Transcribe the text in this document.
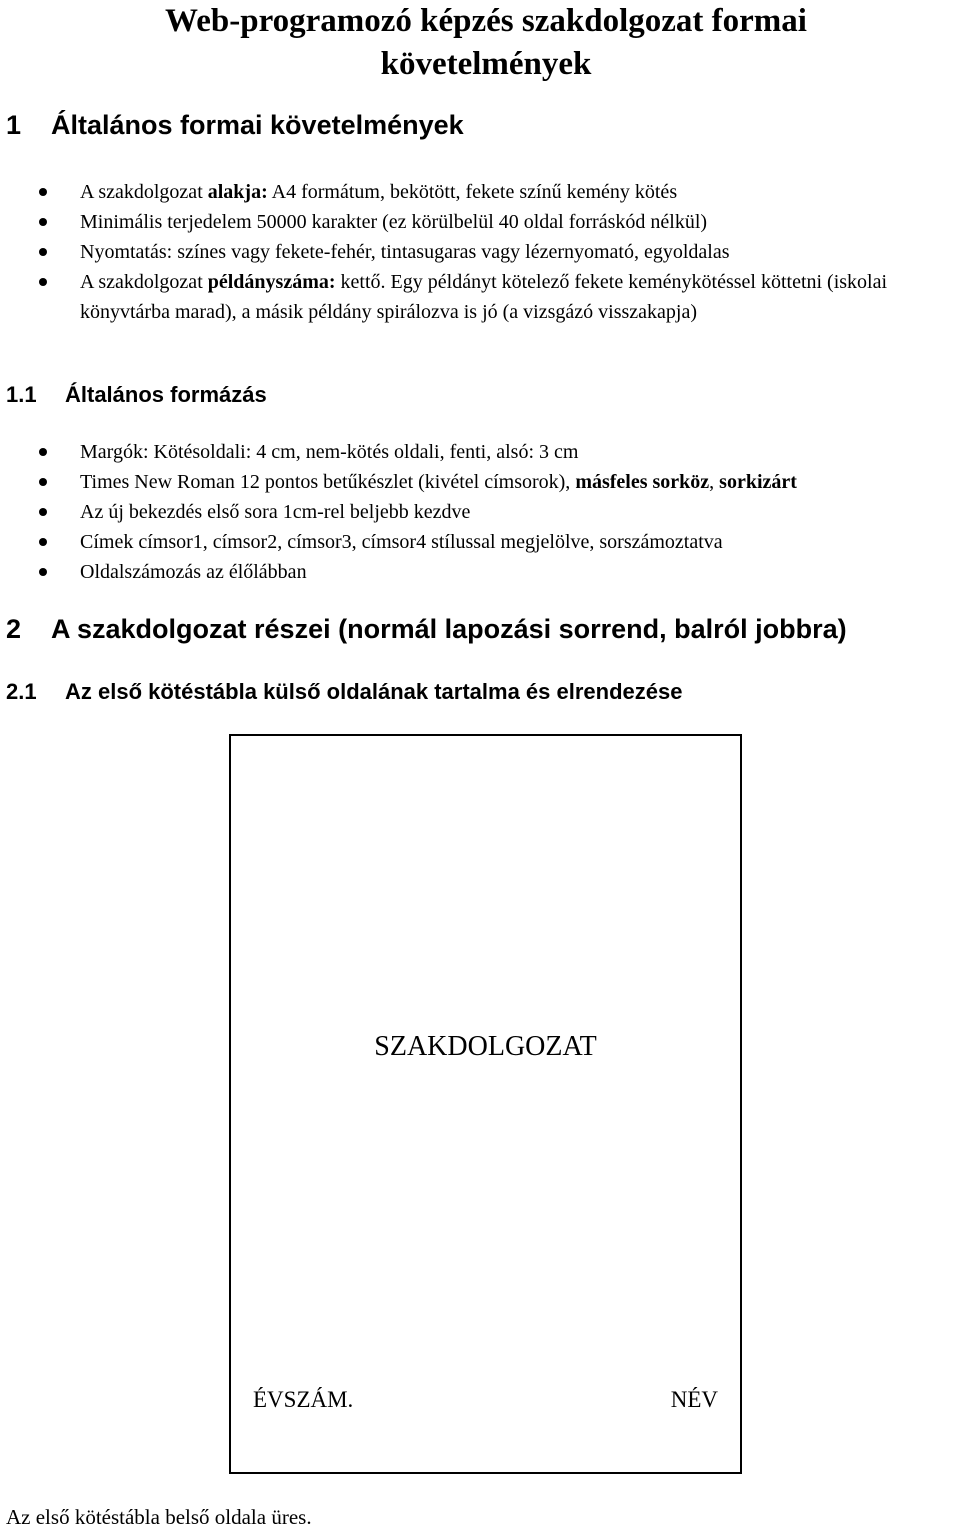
Web-programozó képzés szakdolgozat formai
követelmények
1 Általános formai követelmények
A szakdolgozat alakja: A4 formátum, bekötött, fekete színű kemény kötés
Minimális terjedelem 50000 karakter (ez körülbelül 40 oldal forráskód nélkül)
Nyomtatás: színes vagy fekete-fehér, tintasugaras vagy lézernyomató, egyoldalas
A szakdolgozat példányszáma: kettő. Egy példányt kötelező fekete keménykötéssel köttetni (iskolai könyvtárba marad), a másik példány spirálozva is jó (a vizsgázó visszakapja)
1.1 Általános formázás
Margók: Kötésoldali: 4 cm, nem-kötés oldali, fenti, alsó: 3 cm
Times New Roman 12 pontos betűkészlet (kivétel címsorok), másfeles sorköz, sorkizárt
Az új bekezdés első sora 1cm-rel beljebb kezdve
Címek címsor1, címsor2, címsor3, címsor4 stílussal megjelölve, sorszámoztatva
Oldalszámozás az élőlábban
2 A szakdolgozat részei (normál lapozási sorrend, balról jobbra)
2.1 Az első kötéstábla külső oldalának tartalma és elrendezése
SZAKDOLGOZAT
ÉVSZÁM.	NÉV

Az első kötéstábla belső oldala üres.
